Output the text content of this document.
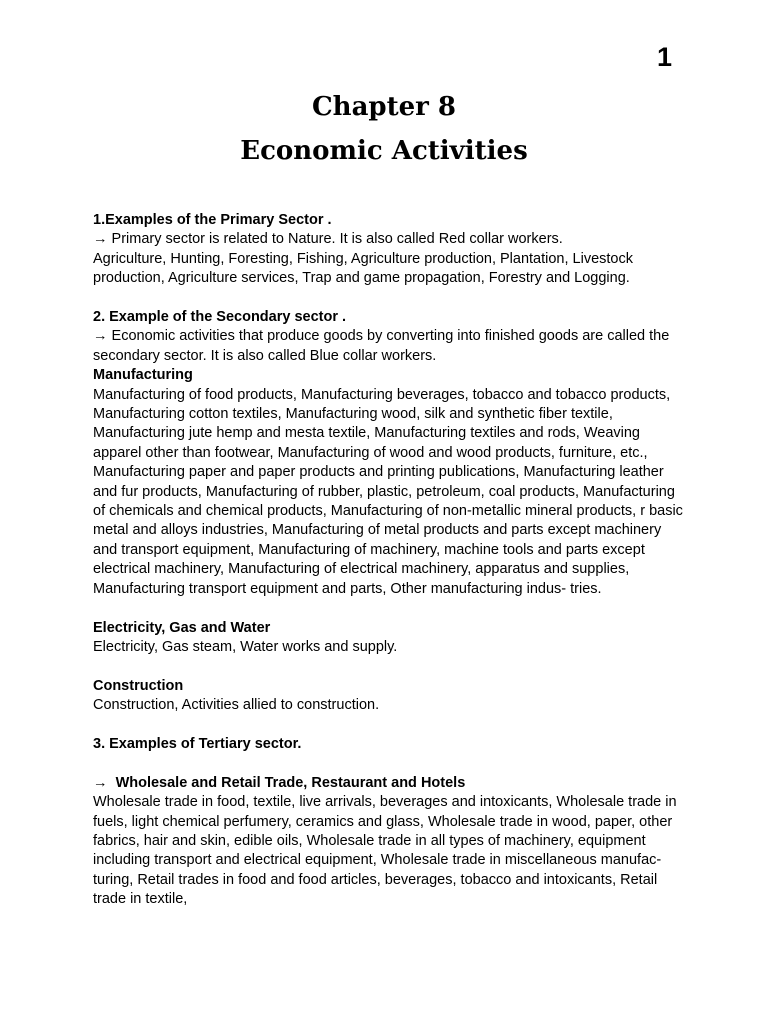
1
Chapter 8
Economic Activities

1.Examples of the Primary Sector .

→ Primary sector is related to Nature. It is also called Red collar workers.

Agriculture, Hunting, Foresting, Fishing, Agriculture production, Plantation, Livestock production, Agriculture services, Trap and game propagation, Forestry and Logging.

2. Example of the Secondary sector .

→ Economic activities that produce goods by converting into finished goods are called the secondary sector. It is also called Blue collar workers.

Manufacturing

Manufacturing of food products, Manufacturing beverages, tobacco and tobacco products, Manufacturing cotton textiles, Manufacturing wood, silk and synthetic fiber textile, Manufacturing jute hemp and mesta textile, Manufacturing textiles and rods, Weaving apparel other than footwear, Manufacturing of wood and wood products, furniture, etc., Manufacturing paper and paper products and printing publications, Manufacturing leather and fur products, Manufacturing of rubber, plastic, petroleum, coal products, Manufacturing of chemicals and chemical products, Manufacturing of non-metallic mineral products, r basic metal and alloys industries, Manufacturing of metal products and parts except machinery and transport equipment, Manufacturing of machinery, machine tools and parts except electrical machinery, Manufacturing of electrical machinery, apparatus and supplies, Manufacturing transport equipment and parts, Other manufacturing indus- tries.

Electricity, Gas and Water

Electricity, Gas steam, Water works and supply.

Construction

Construction, Activities allied to construction.

3. Examples of Tertiary sector.

→ Wholesale and Retail Trade, Restaurant and Hotels

Wholesale trade in food, textile, live arrivals, beverages and intoxicants, Wholesale trade in fuels, light chemical perfumery, ceramics and glass, Wholesale trade in wood, paper, other fabrics, hair and skin, edible oils, Wholesale trade in all types of machinery, equipment including transport and electrical equipment, Wholesale trade in miscellaneous manufac- turing, Retail trades in food and food articles, beverages, tobacco and intoxicants, Retail trade in textile,
